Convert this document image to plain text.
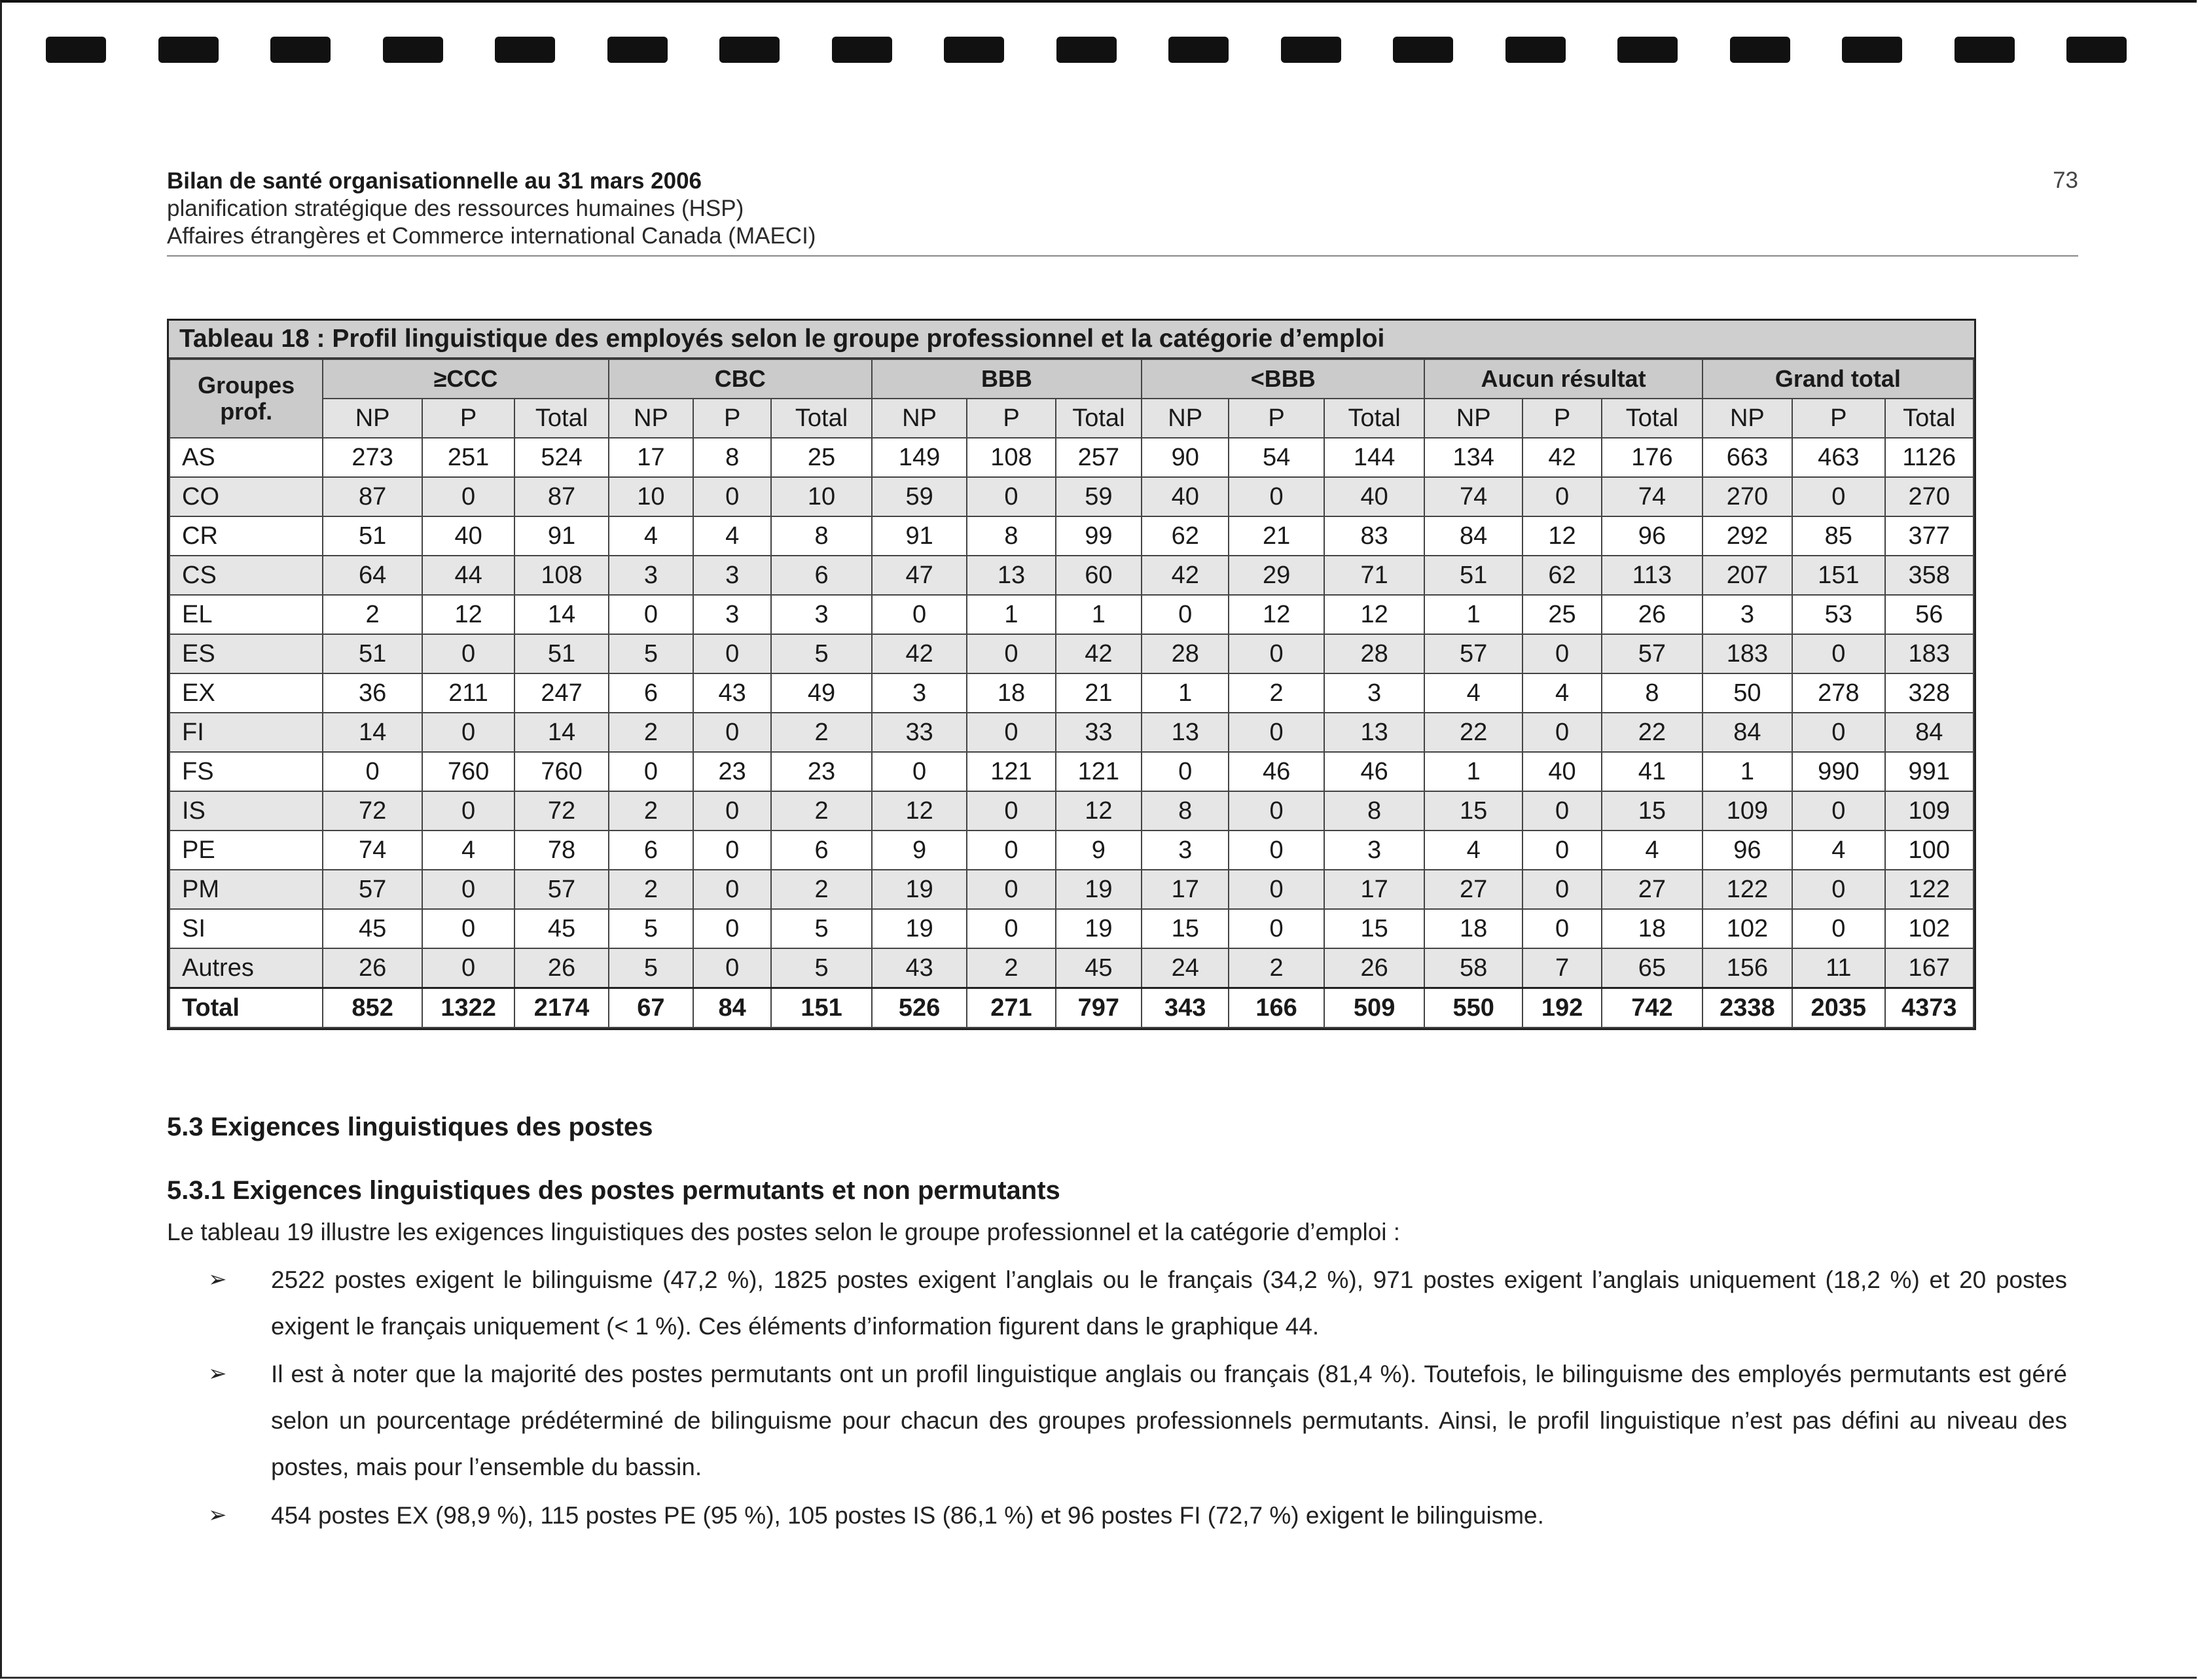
Bilan de santé organisationnelle au 31 mars 2006
planification stratégique des ressources humaines (HSP)
Affaires étrangères et Commerce international Canada (MAECI)
73
Tableau 18 : Profil linguistique des employés selon le groupe professionnel et la catégorie d’emploi
Groupes prof.	≥CCC			CBC			BBB			<BBB			Aucun résultat			Grand total		
	NP	P	Total	NP	P	Total	NP	P	Total	NP	P	Total	NP	P	Total	NP	P	Total
AS	273	251	524	17	8	25	149	108	257	90	54	144	134	42	176	663	463	1126
CO	87	0	87	10	0	10	59	0	59	40	0	40	74	0	74	270	0	270
CR	51	40	91	4	4	8	91	8	99	62	21	83	84	12	96	292	85	377
CS	64	44	108	3	3	6	47	13	60	42	29	71	51	62	113	207	151	358
EL	2	12	14	0	3	3	0	1	1	0	12	12	1	25	26	3	53	56
ES	51	0	51	5	0	5	42	0	42	28	0	28	57	0	57	183	0	183
EX	36	211	247	6	43	49	3	18	21	1	2	3	4	4	8	50	278	328
FI	14	0	14	2	0	2	33	0	33	13	0	13	22	0	22	84	0	84
FS	0	760	760	0	23	23	0	121	121	0	46	46	1	40	41	1	990	991
IS	72	0	72	2	0	2	12	0	12	8	0	8	15	0	15	109	0	109
PE	74	4	78	6	0	6	9	0	9	3	0	3	4	0	4	96	4	100
PM	57	0	57	2	0	2	19	0	19	17	0	17	27	0	27	122	0	122
SI	45	0	45	5	0	5	19	0	19	15	0	15	18	0	18	102	0	102
Autres	26	0	26	5	0	5	43	2	45	24	2	26	58	7	65	156	11	167
Total	852	1322	2174	67	84	151	526	271	797	343	166	509	550	192	742	2338	2035	4373
5.3 Exigences linguistiques des postes
5.3.1 Exigences linguistiques des postes permutants et non permutants
Le tableau 19 illustre les exigences linguistiques des postes selon le groupe professionnel et la catégorie d’emploi :
➢ 2522 postes exigent le bilinguisme (47,2 %), 1825 postes exigent l’anglais ou le français (34,2 %), 971 postes exigent l’anglais uniquement (18,2 %) et 20 postes exigent le français uniquement (< 1 %). Ces éléments d’information figurent dans le graphique 44.
➢ Il est à noter que la majorité des postes permutants ont un profil linguistique anglais ou français (81,4 %). Toutefois, le bilinguisme des employés permutants est géré selon un pourcentage prédéterminé de bilinguisme pour chacun des groupes professionnels permutants. Ainsi, le profil linguistique n’est pas défini au niveau des postes, mais pour l’ensemble du bassin.
➢ 454 postes EX (98,9 %), 115 postes PE (95 %), 105 postes IS (86,1 %) et 96 postes FI (72,7 %) exigent le bilinguisme.
